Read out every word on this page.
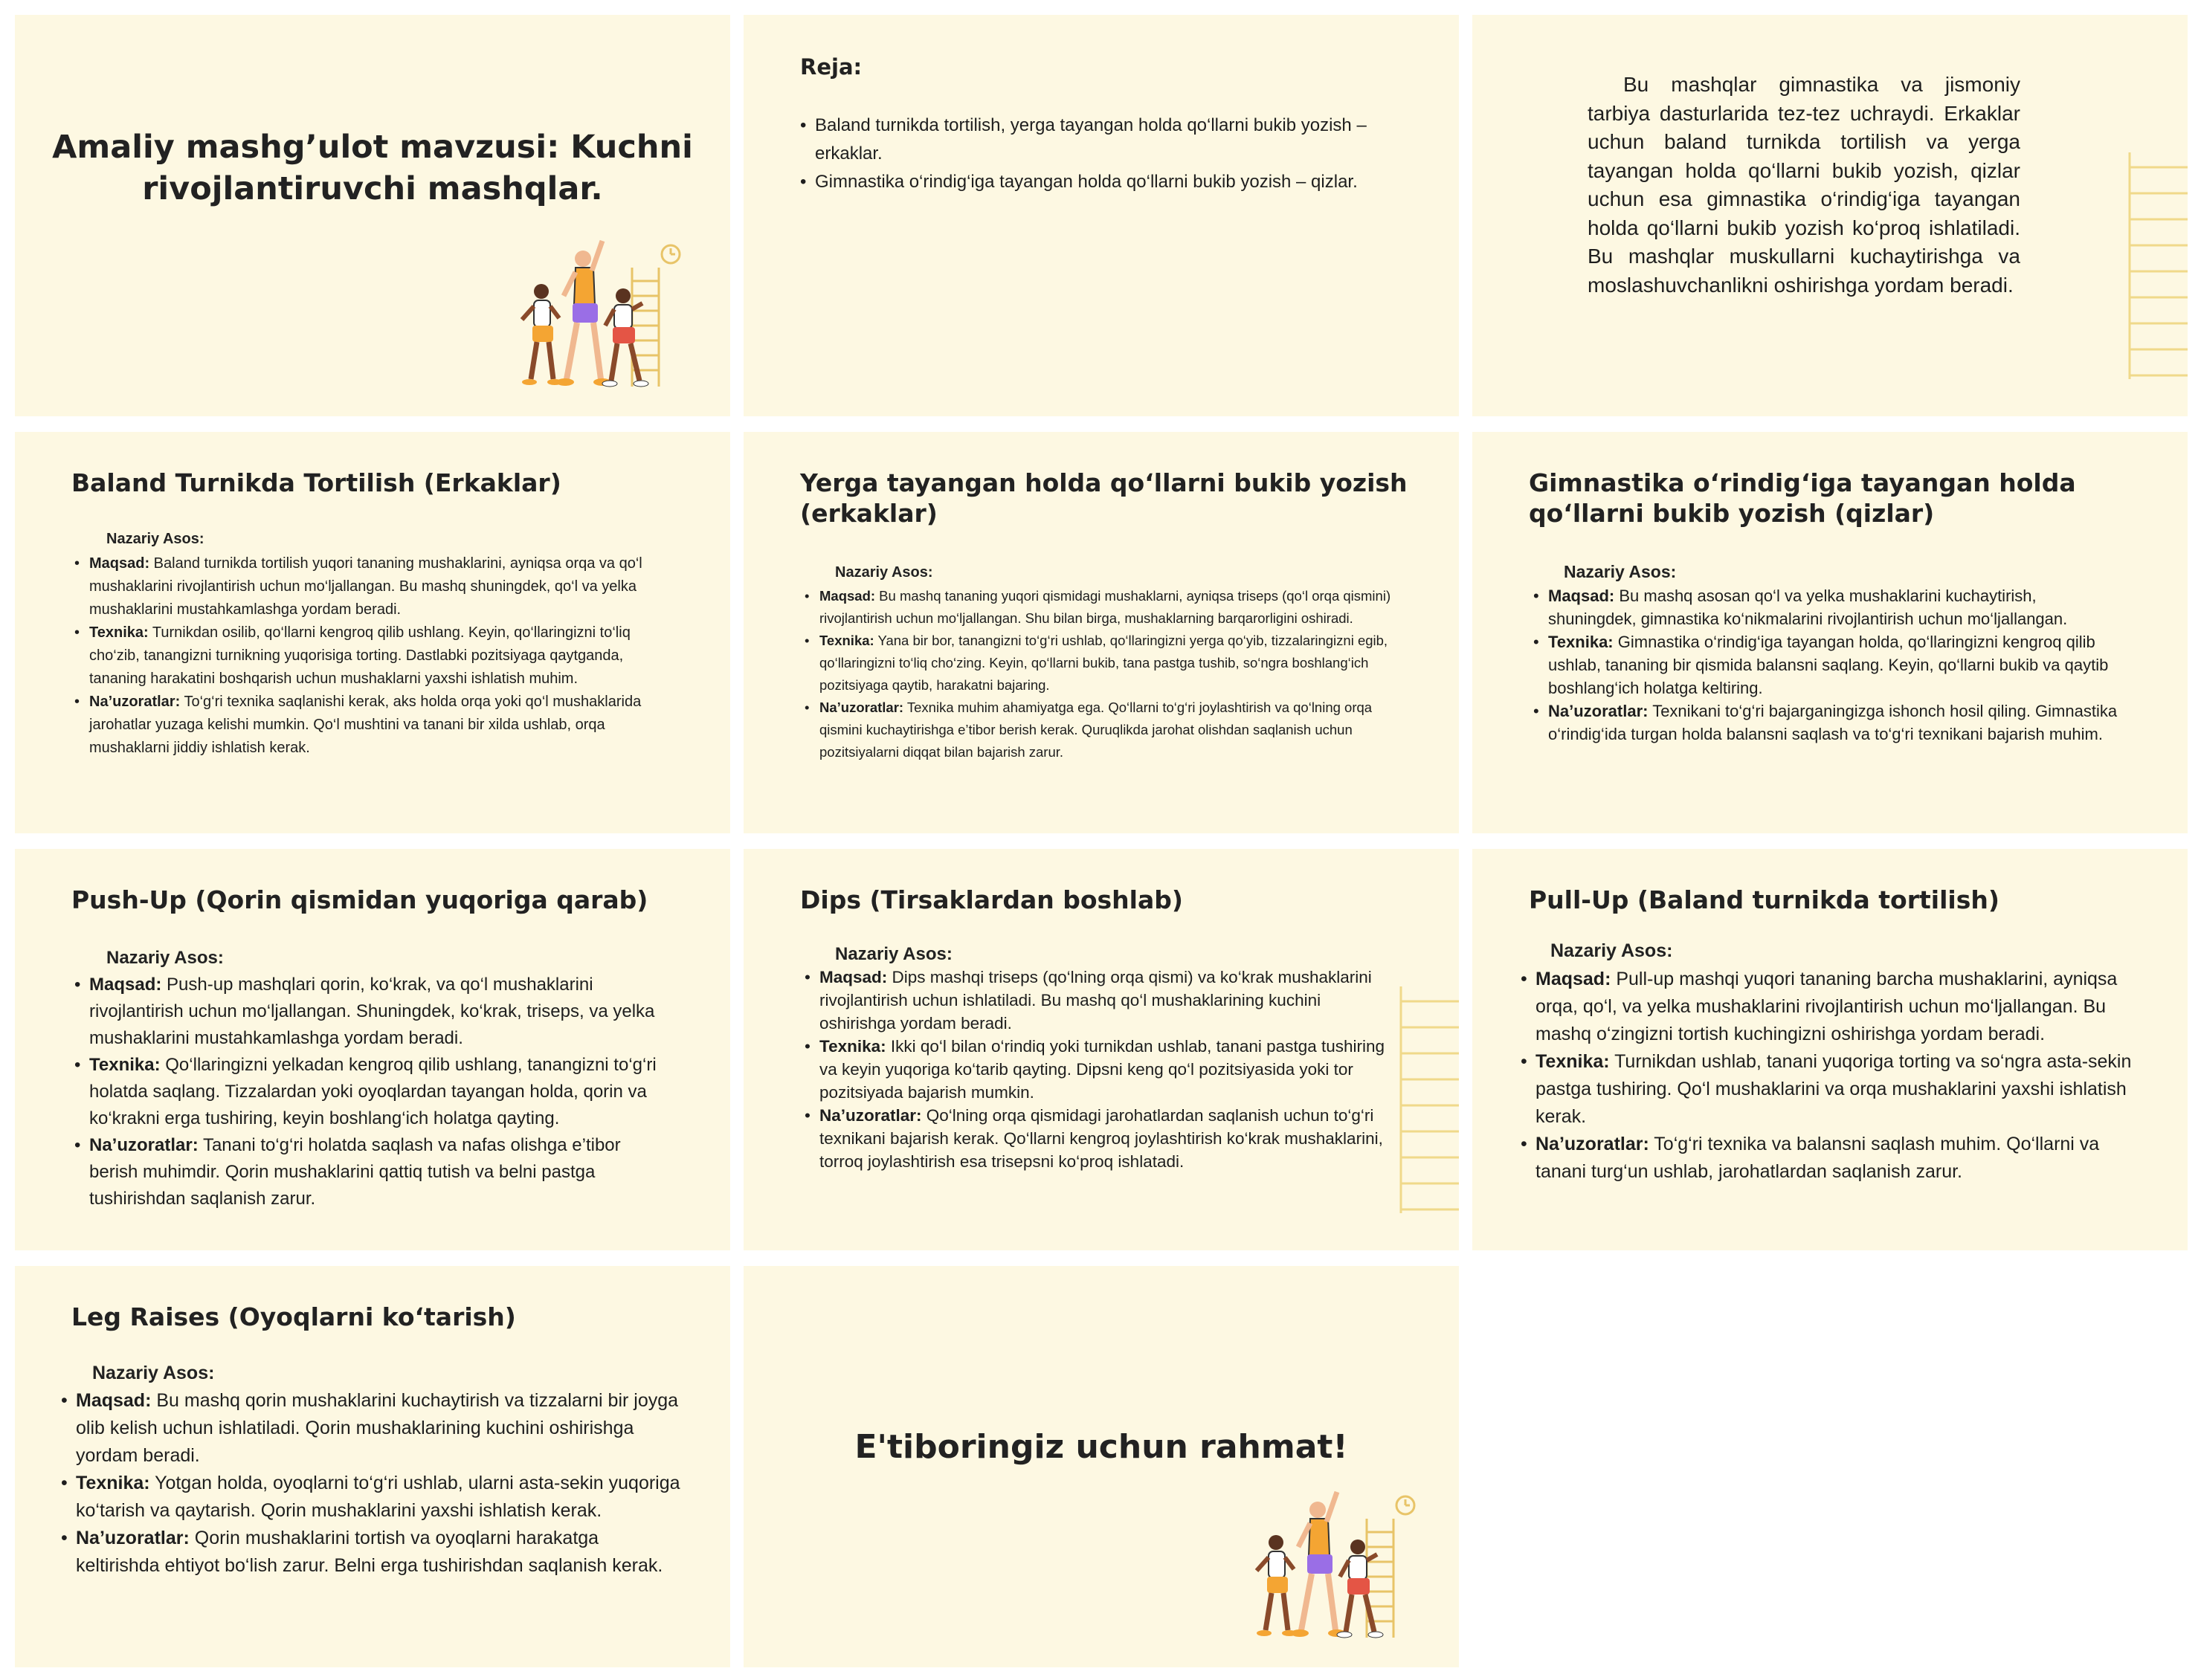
Amaliy mashg’ulot mavzusi: Kuchni rivojlantiruvchi mashqlar.
Reja:
• Baland turnikda tortilish, yerga tayangan holda qo‘llarni bukib yozish – erkaklar.
• Gimnastika o‘rindig‘iga tayangan holda qo‘llarni bukib yozish – qizlar.
Bu mashqlar gimnastika va jismoniy tarbiya dasturlarida tez-tez uchraydi. Erkaklar uchun baland turnikda tortilish va yerga tayangan holda qo‘llarni bukib yozish, qizlar uchun esa gimnastika o‘rindig‘iga tayangan holda qo‘llarni bukib yozish ko‘proq ishlatiladi. Bu mashqlar muskullarni kuchaytirishga va moslashuvchanlikni oshirishga yordam beradi.
Baland Turnikda Tortilish (Erkaklar)
Nazariy Asos:
• Maqsad: Baland turnikda tortilish yuqori tananing mushaklarini, ayniqsa orqa va qo‘l mushaklarini rivojlantirish uchun mo‘ljallangan. Bu mashq shuningdek, qo‘l va yelka mushaklarini mustahkamlashga yordam beradi.
• Texnika: Turnikdan osilib, qo‘llarni kengroq qilib ushlang. Keyin, qo‘llaringizni to‘liq cho‘zib, tanangizni turnikning yuqorisiga torting. Dastlabki pozitsiyaga qaytganda, tananing harakatini boshqarish uchun mushaklarni yaxshi ishlatish muhim.
• Na’uzoratlar: To‘g‘ri texnika saqlanishi kerak, aks holda orqa yoki qo‘l mushaklarida jarohatlar yuzaga kelishi mumkin. Qo‘l mushtini va tanani bir xilda ushlab, orqa mushaklarni jiddiy ishlatish kerak.
Yerga tayangan holda qo‘llarni bukib yozish (erkaklar)
Nazariy Asos:
• Maqsad: Bu mashq tananing yuqori qismidagi mushaklarni, ayniqsa triseps (qo‘l orqa qismini) rivojlantirish uchun mo‘ljallangan. Shu bilan birga, mushaklarning barqarorligini oshiradi.
• Texnika: Yana bir bor, tanangizni to‘g‘ri ushlab, qo‘llaringizni yerga qo‘yib, tizzalaringizni egib, qo‘llaringizni to‘liq cho‘zing. Keyin, qo‘llarni bukib, tana pastga tushib, so‘ngra boshlang‘ich pozitsiyaga qaytib, harakatni bajaring.
• Na’uzoratlar: Texnika muhim ahamiyatga ega. Qo‘llarni to‘g‘ri joylashtirish va qo‘lning orqa qismini kuchaytirishga e’tibor berish kerak. Quruqlikda jarohat olishdan saqlanish uchun pozitsiyalarni diqqat bilan bajarish zarur.
Gimnastika o‘rindig‘iga tayangan holda qo‘llarni bukib yozish (qizlar)
Nazariy Asos:
• Maqsad: Bu mashq asosan qo‘l va yelka mushaklarini kuchaytirish, shuningdek, gimnastika ko‘nikmalarini rivojlantirish uchun mo‘ljallangan.
• Texnika: Gimnastika o‘rindig‘iga tayangan holda, qo‘llaringizni kengroq qilib ushlab, tananing bir qismida balansni saqlang. Keyin, qo‘llarni bukib va qaytib boshlang‘ich holatga keltiring.
• Na’uzoratlar: Texnikani to‘g‘ri bajarganingizga ishonch hosil qiling. Gimnastika o‘rindig‘ida turgan holda balansni saqlash va to‘g‘ri texnikani bajarish muhim.
Push-Up (Qorin qismidan yuqoriga qarab)
Nazariy Asos:
• Maqsad: Push-up mashqlari qorin, ko‘krak, va qo‘l mushaklarini rivojlantirish uchun mo‘ljallangan. Shuningdek, ko‘krak, triseps, va yelka mushaklarini mustahkamlashga yordam beradi.
• Texnika: Qo‘llaringizni yelkadan kengroq qilib ushlang, tanangizni to‘g‘ri holatda saqlang. Tizzalardan yoki oyoqlardan tayangan holda, qorin va ko‘krakni erga tushiring, keyin boshlang‘ich holatga qayting.
• Na’uzoratlar: Tanani to‘g‘ri holatda saqlash va nafas olishga e’tibor berish muhimdir. Qorin mushaklarini qattiq tutish va belni pastga tushirishdan saqlanish zarur.
Dips (Tirsaklardan boshlab)
Nazariy Asos:
• Maqsad: Dips mashqi triseps (qo‘lning orqa qismi) va ko‘krak mushaklarini rivojlantirish uchun ishlatiladi. Bu mashq qo‘l mushaklarining kuchini oshirishga yordam beradi.
• Texnika: Ikki qo‘l bilan o‘rindiq yoki turnikdan ushlab, tanani pastga tushiring va keyin yuqoriga ko‘tarib qayting. Dipsni keng qo‘l pozitsiyasida yoki tor pozitsiyada bajarish mumkin.
• Na’uzoratlar: Qo‘lning orqa qismidagi jarohatlardan saqlanish uchun to‘g‘ri texnikani bajarish kerak. Qo‘llarni kengroq joylashtirish ko‘krak mushaklarini, torroq joylashtirish esa trisepsni ko‘proq ishlatadi.
Pull-Up (Baland turnikda tortilish)
Nazariy Asos:
• Maqsad: Pull-up mashqi yuqori tananing barcha mushaklarini, ayniqsa orqa, qo‘l, va yelka mushaklarini rivojlantirish uchun mo‘ljallangan. Bu mashq o‘zingizni tortish kuchingizni oshirishga yordam beradi.
• Texnika: Turnikdan ushlab, tanani yuqoriga torting va so‘ngra asta-sekin pastga tushiring. Qo‘l mushaklarini va orqa mushaklarini yaxshi ishlatish kerak.
• Na’uzoratlar: To‘g‘ri texnika va balansni saqlash muhim. Qo‘llarni va tanani turg‘un ushlab, jarohatlardan saqlanish zarur.
Leg Raises (Oyoqlarni ko‘tarish)
Nazariy Asos:
• Maqsad: Bu mashq qorin mushaklarini kuchaytirish va tizzalarni bir joyga olib kelish uchun ishlatiladi. Qorin mushaklarining kuchini oshirishga yordam beradi.
• Texnika: Yotgan holda, oyoqlarni to‘g‘ri ushlab, ularni asta-sekin yuqoriga ko‘tarish va qaytarish. Qorin mushaklarini yaxshi ishlatish kerak.
• Na’uzoratlar: Qorin mushaklarini tortish va oyoqlarni harakatga keltirishda ehtiyot bo‘lish zarur. Belni erga tushirishdan saqlanish kerak.
E'tiboringiz uchun rahmat!
